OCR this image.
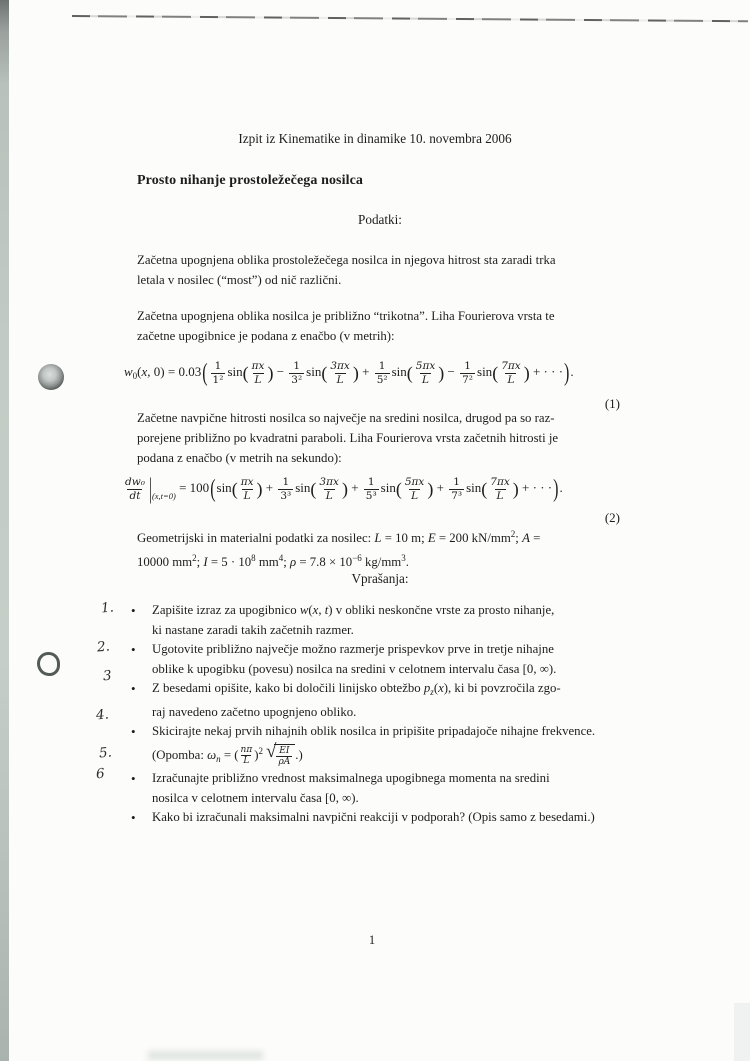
Izpit iz Kinematike in dinamike 10. novembra 2006
Prosto nihanje prostoležečega nosilca
Podatki:
Začetna upognjena oblika prostoležečega nosilca in njegova hitrost sta zaradi trka
letala v nosilec (“most”) od nič različni.
Začetna upognjena oblika nosilca je približno “trikotna”. Liha Fourierova vrsta te
začetne upogibnice je podana z enačbo (v metrih):
$w_0(x$, $0) = 0.03( \frac{1}{\text{1²}} \sin( \frac{\pi x}{L}$ ) − $\frac{1}{\text{3²}} \sin( \frac{3\pi x}{L}$ ) + $\frac{1}{\text{5²}} \sin( \frac{5\pi x}{L}$ ) − $\frac{1}{\text{7²}} \sin( \frac{7\pi x}{L}$ ) + · · ·).
(1)
Začetne navpične hitrosti nosilca so največje na sredini nosilca, drugod pa so raz-
porejene približno po kvadratni paraboli. Liha Fourierova vrsta začetnih hitrosti je
podana z enačbo (v metrih na sekundo):
$\frac{\text{dw₀}}{dt} |_{(x,t=0)} = 100(\sin( \frac{\pi x}{L}$ ) + $\frac{1}{\text{3³}} \sin( \frac{3\pi x}{L}$ ) + $\frac{1}{\text{5³}} \sin( \frac{5\pi x}{L}$ ) + $\frac{1}{\text{7³}} \sin( \frac{7\pi x}{L}$ ) + · · ·).
(2)
Geometrijski in materialni podatki za nosilec: L = 10 m; E = 200 $kN/mm^2$; A =
10000 $mm^2$; $I = 5 \cdot 10^8$ $mm^4$; $\rho = 7.8 \times 10^{-6}$ $kg/mm^3$.
Vprašanja:
• Zapišite izraz za upogibnico w(x, t) v obliki neskončne vrste za prosto nihanje,
ki nastane zaradi takih začetnih razmer.
• Ugotovite približno največje možno razmerje prispevkov prve in tretje nihajne
oblike k upogibku (povesu) nosilca na sredini v celotnem intervalu časa [0, ∞).
• Z besedami opišite, kako bi določili linijsko obtežbo $p_z(x)$, ki bi povzročila zgo-
raj navedeno začetno upognjeno obliko.
• Skicirajte nekaj prvih nihajnih oblik nosilca in pripišite pripadajoče nihajne frekvence.
(Opomba: $\omega_n$ = ( $\frac{n\pi}{L} )^2$ √ $\frac{EI}{\rho A}$ .)
• Izračunajte približno vrednost maksimalnega upogibnega momenta na sredini
nosilca v celotnem intervalu časa [0, ∞).
• Kako bi izračunali maksimalni navpični reakciji v podporah? (Opis samo z besedami.)
1.
2.
3
4.
5.
6
1
